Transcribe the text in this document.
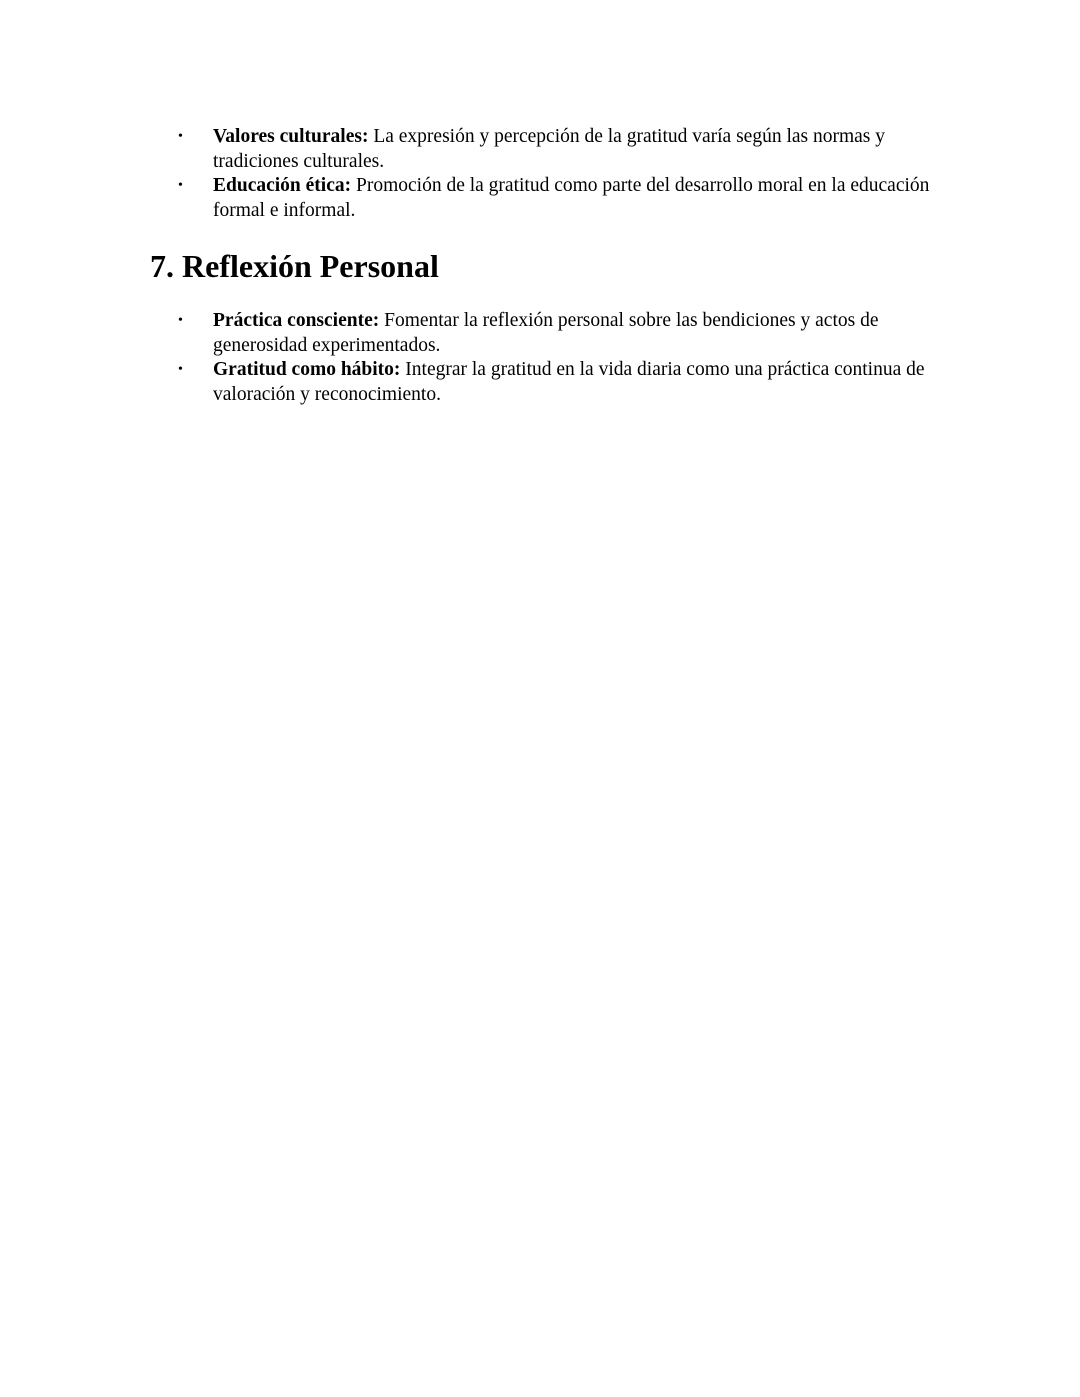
• Valores culturales: La expresión y percepción de la gratitud varía según las normas y tradiciones culturales.
• Educación ética: Promoción de la gratitud como parte del desarrollo moral en la educación formal e informal.
7. Reflexión Personal
• Práctica consciente: Fomentar la reflexión personal sobre las bendiciones y actos de generosidad experimentados.
• Gratitud como hábito: Integrar la gratitud en la vida diaria como una práctica continua de valoración y reconocimiento.
